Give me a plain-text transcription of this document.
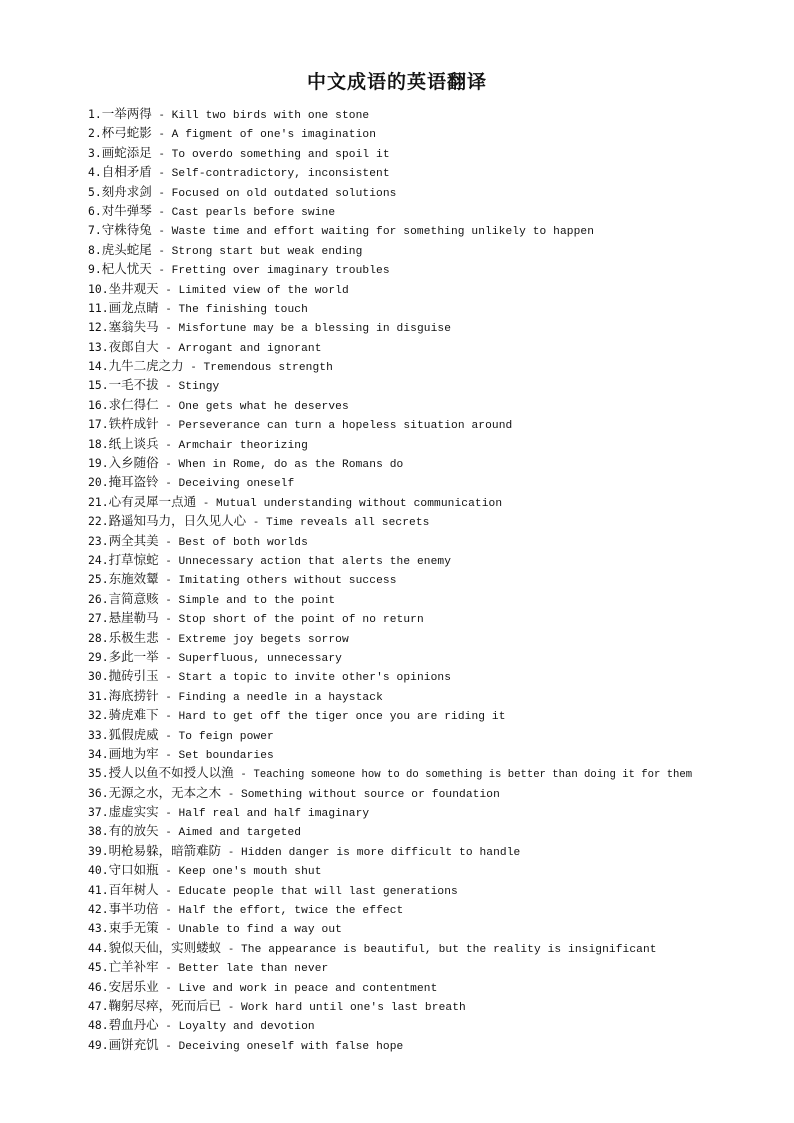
中文成语的英语翻译
1.一举两得 - Kill two birds with one stone
2.杯弓蛇影 - A figment of one's imagination
3.画蛇添足 - To overdo something and spoil it
4.自相矛盾 - Self-contradictory, inconsistent
5.刻舟求剑 - Focused on old outdated solutions
6.对牛弹琴 - Cast pearls before swine
7.守株待兔 - Waste time and effort waiting for something unlikely to happen
8.虎头蛇尾 - Strong start but weak ending
9.杞人忧天 - Fretting over imaginary troubles
10.坐井观天 - Limited view of the world
11.画龙点睛 - The finishing touch
12.塞翁失马 - Misfortune may be a blessing in disguise
13.夜郎自大 - Arrogant and ignorant
14.九牛二虎之力 - Tremendous strength
15.一毛不拔 - Stingy
16.求仁得仁 - One gets what he deserves
17.铁杵成针 - Perseverance can turn a hopeless situation around
18.纸上谈兵 - Armchair theorizing
19.入乡随俗 - When in Rome, do as the Romans do
20.掩耳盗铃 - Deceiving oneself
21.心有灵犀一点通 - Mutual understanding without communication
22.路遥知马力，日久见人心 - Time reveals all secrets
23.两全其美 - Best of both worlds
24.打草惊蛇 - Unnecessary action that alerts the enemy
25.东施效颦 - Imitating others without success
26.言简意赅 - Simple and to the point
27.悬崖勒马 - Stop short of the point of no return
28.乐极生悲 - Extreme joy begets sorrow
29.多此一举 - Superfluous, unnecessary
30.抛砖引玉 - Start a topic to invite other's opinions
31.海底捞针 - Finding a needle in a haystack
32.骑虎难下 - Hard to get off the tiger once you are riding it
33.狐假虎威 - To feign power
34.画地为牢 - Set boundaries
35.授人以鱼不如授人以渔 - Teaching someone how to do something is better than doing it for them
36.无源之水，无本之木 - Something without source or foundation
37.虚虚实实 - Half real and half imaginary
38.有的放矢 - Aimed and targeted
39.明枪易躲，暗箭难防 - Hidden danger is more difficult to handle
40.守口如瓶 - Keep one's mouth shut
41.百年树人 - Educate people that will last generations
42.事半功倍 - Half the effort, twice the effect
43.束手无策 - Unable to find a way out
44.貌似天仙，实则蝼蚁 - The appearance is beautiful, but the reality is insignificant
45.亡羊补牢 - Better late than never
46.安居乐业 - Live and work in peace and contentment
47.鞠躬尽瘁，死而后已 - Work hard until one's last breath
48.碧血丹心 - Loyalty and devotion
49.画饼充饥 - Deceiving oneself with false hope
